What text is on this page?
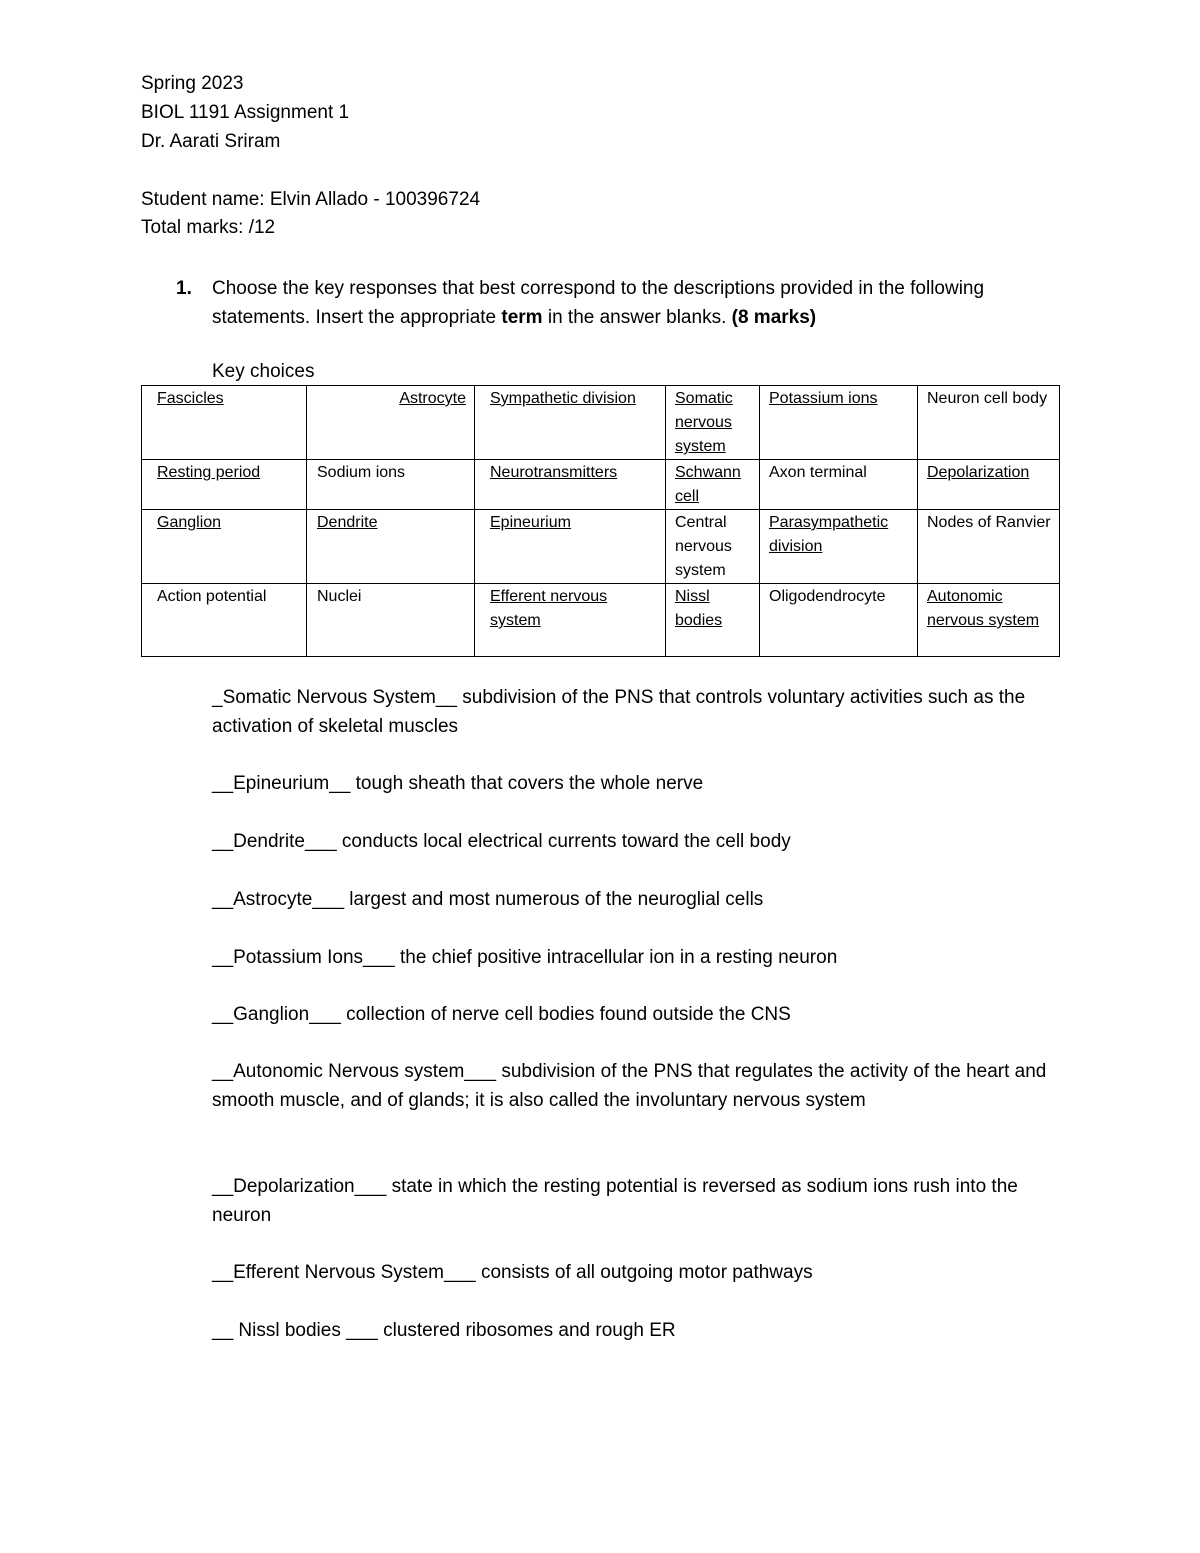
Spring 2023
BIOL 1191 Assignment 1
Dr. Aarati Sriram
Student name: Elvin Allado - 100396724
Total marks: /12
1. Choose the key responses that best correspond to the descriptions provided in the following statements. Insert the appropriate term in the answer blanks. (8 marks)
Key choices
Fascicles	Astrocyte	Sympathetic division	Somatic nervous system	Potassium ions	Neuron cell body
Resting period	Sodium ions	Neurotransmitters	Schwann cell	Axon terminal	Depolarization
Ganglion	Dendrite	Epineurium	Central nervous system	Parasympathetic division	Nodes of Ranvier
Action potential	Nuclei	Efferent nervous system	Nissl bodies	Oligodendrocyte	Autonomic nervous system
_Somatic Nervous System__ subdivision of the PNS that controls voluntary activities such as the activation of skeletal muscles
__Epineurium__ tough sheath that covers the whole nerve
__Dendrite___ conducts local electrical currents toward the cell body
__Astrocyte___ largest and most numerous of the neuroglial cells
__Potassium Ions___ the chief positive intracellular ion in a resting neuron
__Ganglion___ collection of nerve cell bodies found outside the CNS
__Autonomic Nervous system___ subdivision of the PNS that regulates the activity of the heart and smooth muscle, and of glands; it is also called the involuntary nervous system
__Depolarization___ state in which the resting potential is reversed as sodium ions rush into the neuron
__Efferent Nervous System___ consists of all outgoing motor pathways
__ Nissl bodies ___ clustered ribosomes and rough ER
